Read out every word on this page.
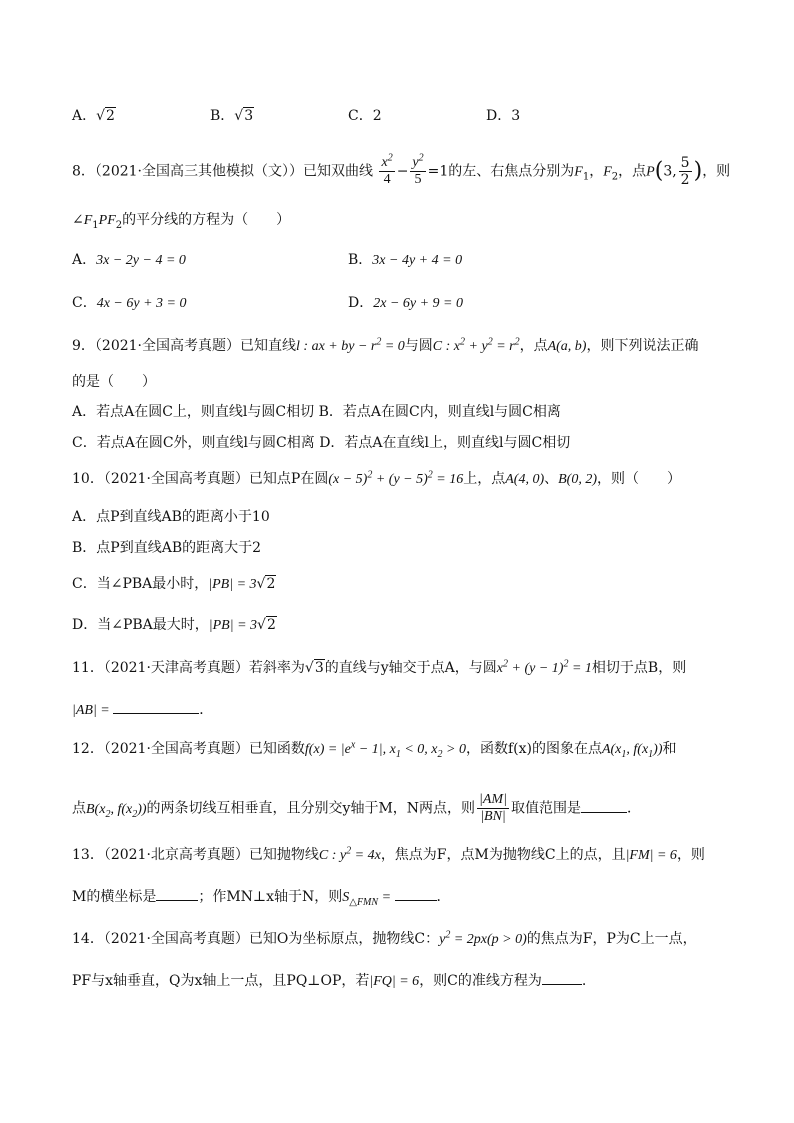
A．√2	B．√3	C．2	D．3
8．（2021·全国高三其他模拟（文））已知双曲线 $\frac{x^2}{4} - \frac{y^2}{5} =1$的左、右焦点分别为$F_1$，$F_2$，点P(3, $\frac{5}{2}$ )，则
$\angle F_1PF_2$的平分线的方程为（　　）
A．3x − 2y − 4 = 0	B．3x − 4y + 4 = 0
C．4x − 6y + 3 = 0	D．2x − 6y + 9 = 0
9．（2021·全国高考真题）已知直线l : ax + by − $r^2 = 0$与圆C : $x^2 + y^2 = r^2$，点A(a, b)，则下列说法正确
的是（　　）
A．若点A在圆C上，则直线l与圆C相切 B．若点A在圆C内，则直线l与圆C相离
C．若点A在圆C外，则直线l与圆C相离 D．若点A在直线l上，则直线l与圆C相切
10．（2021·全国高考真题）已知点P在圆$(x - 5)^2 + (y - 5)^2 = 16$上，点A(4, 0)、B(0, 2)，则（　　）
A．点P到直线AB的距离小于10
B．点P到直线AB的距离大于2
C．当∠PBA最小时，|PB| = 3√2
D．当∠PBA最大时，|PB| = 3√2
11．（2021·天津高考真题）若斜率为√3的直线与y轴交于点A，与圆$x^2 + (y - 1)^2 = 1$相切于点B，则
|AB| =	．
12．（2021·全国高考真题）已知函数$f(x) = |e^x - 1|$, $x_1 < 0$, $x_2 > 0$，函数f(x)的图象在点$A(x_1$, $f(x_1)$)和
点$B(x_2$, $f(x_2)$)的两条切线互相垂直，且分别交y轴于M，N两点，则 $\frac{|AM|}{|BN|}$ 取值范围是	．
13．（2021·北京高考真题）已知抛物线C : $y^2 = 4x$，焦点为F，点M为抛物线C上的点，且|FM| = 6，则
M的横坐标是	；作MN⊥x轴于N，则$S_{\triangle FMN}$ =	．
14．（2021·全国高考真题）已知O为坐标原点，抛物线C：$y^2 = 2px(p > 0)$的焦点为F，P为C上一点，
PF与x轴垂直，Q为x轴上一点，且PQ⊥OP，若|FQ| = 6，则C的准线方程为	.
